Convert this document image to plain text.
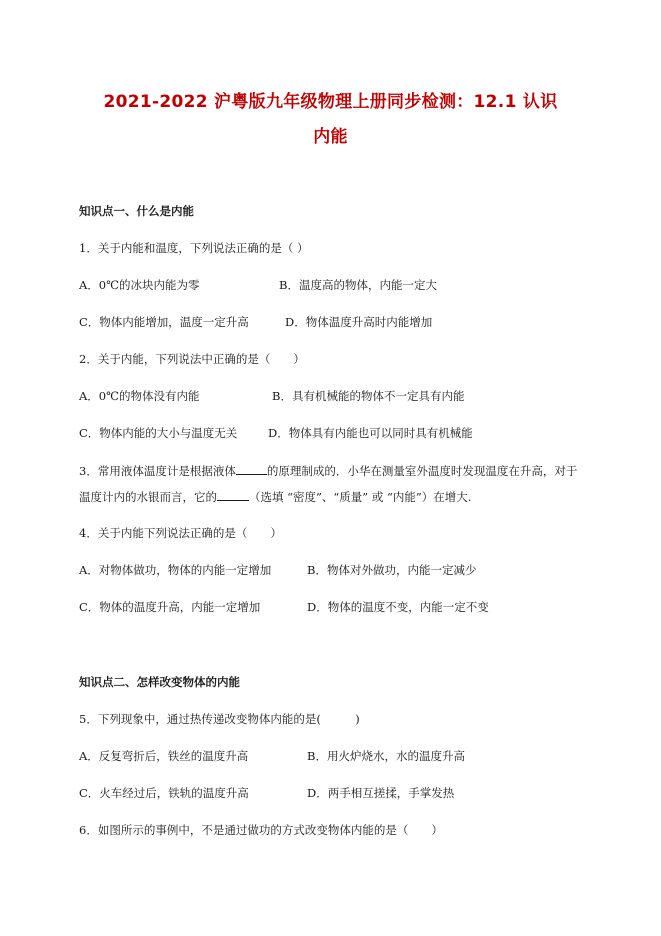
2021-2022 沪粤版九年级物理上册同步检测：12.1 认识
内能
知识点一、什么是内能
1．关于内能和温度，下列说法正确的是（ ）
A．0℃的冰块内能为零	B．温度高的物体，内能一定大
C．物体内能增加，温度一定升高	D．物体温度升高时内能增加
2．关于内能，下列说法中正确的是（　　）
A．0℃的物体没有内能	B．具有机械能的物体不一定具有内能
C．物体内能的大小与温度无关	D．物体具有内能也可以同时具有机械能
3．常用液体温度计是根据液体	的原理制成的．小华在测量室外温度时发现温度在升高，对于
温度计内的水银而言，它的	（选填 “密度”、“质量” 或 “内能”）在增大.
4．关于内能下列说法正确的是（　　）
A．对物体做功，物体的内能一定增加	B．物体对外做功，内能一定减少
C．物体的温度升高，内能一定增加	D．物体的温度不变，内能一定不变
知识点二、怎样改变物体的内能
5．下列现象中，通过热传递改变物体内能的是(　　　)
A．反复弯折后，铁丝的温度升高	B．用火炉烧水，水的温度升高
C．火车经过后，铁轨的温度升高	D．两手相互搓揉，手掌发热
6．如图所示的事例中，不是通过做功的方式改变物体内能的是（　　）
